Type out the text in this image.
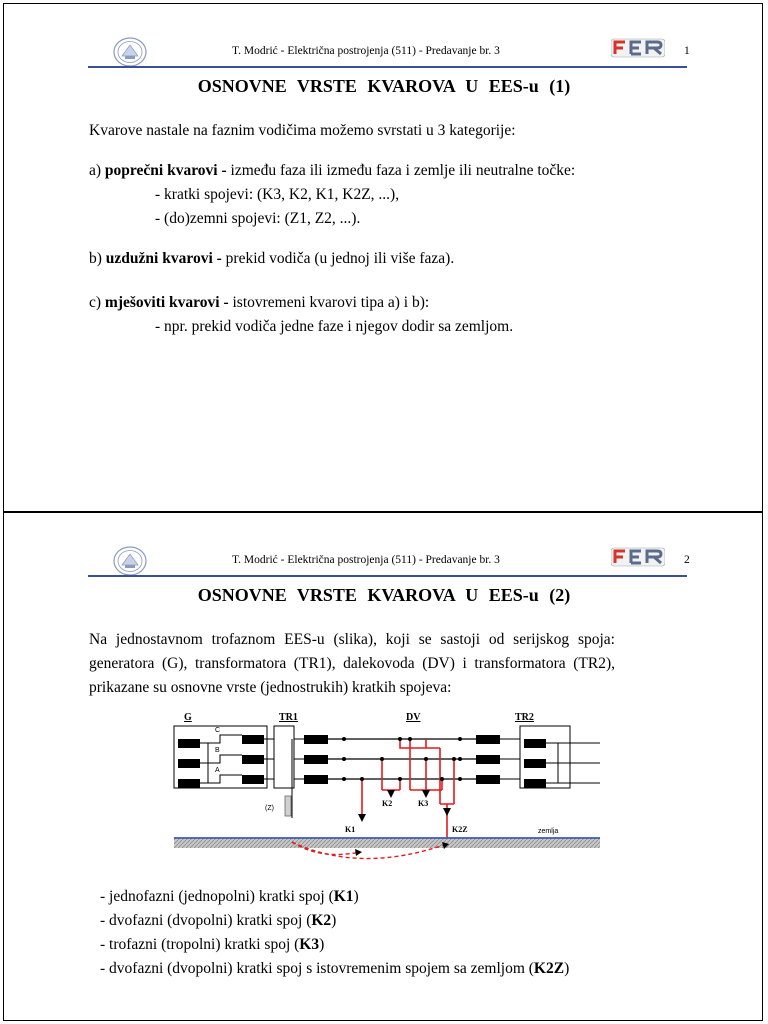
T. Modrić - Električna postrojenja (511) - Predavanje br. 3	1
OSNOVNE VRSTE KVAROVA U EES-u (1)
Kvarove nastale na faznim vodičima možemo svrstati u 3 kategorije:
a) poprečni kvarovi - između faza ili između faza i zemlje ili neutralne točke:
- kratki spojevi: (K3, K2, K1, K2Z, ...),
- (do)zemni spojevi: (Z1, Z2, ...).
b) uzdužni kvarovi - prekid vodiča (u jednoj ili više faza).
c) mješoviti kvarovi - istovremeni kvarovi tipa a) i b):
- npr. prekid vodiča jedne faze i njegov dodir sa zemljom.
T. Modrić - Električna postrojenja (511) - Predavanje br. 3	2
OSNOVNE VRSTE KVAROVA U EES-u (2)
Na jednostavnom trofaznom EES-u (slika), koji se sastoji od serijskog spoja:
generatora (G), transformatora (TR1), dalekovoda (DV) i transformatora (TR2),
prikazane su osnovne vrste (jednostrukih) kratkih spojeva:
G	TR1	DV	TR2
C
B
A
(Z)
K1
K2	K3
K2Z	zemlja
- jednofazni (jednopolni) kratki spoj (K1)
- dvofazni (dvopolni) kratki spoj (K2)
- trofazni (tropolni) kratki spoj (K3)
- dvofazni (dvopolni) kratki spoj s istovremenim spojem sa zemljom (K2Z)
